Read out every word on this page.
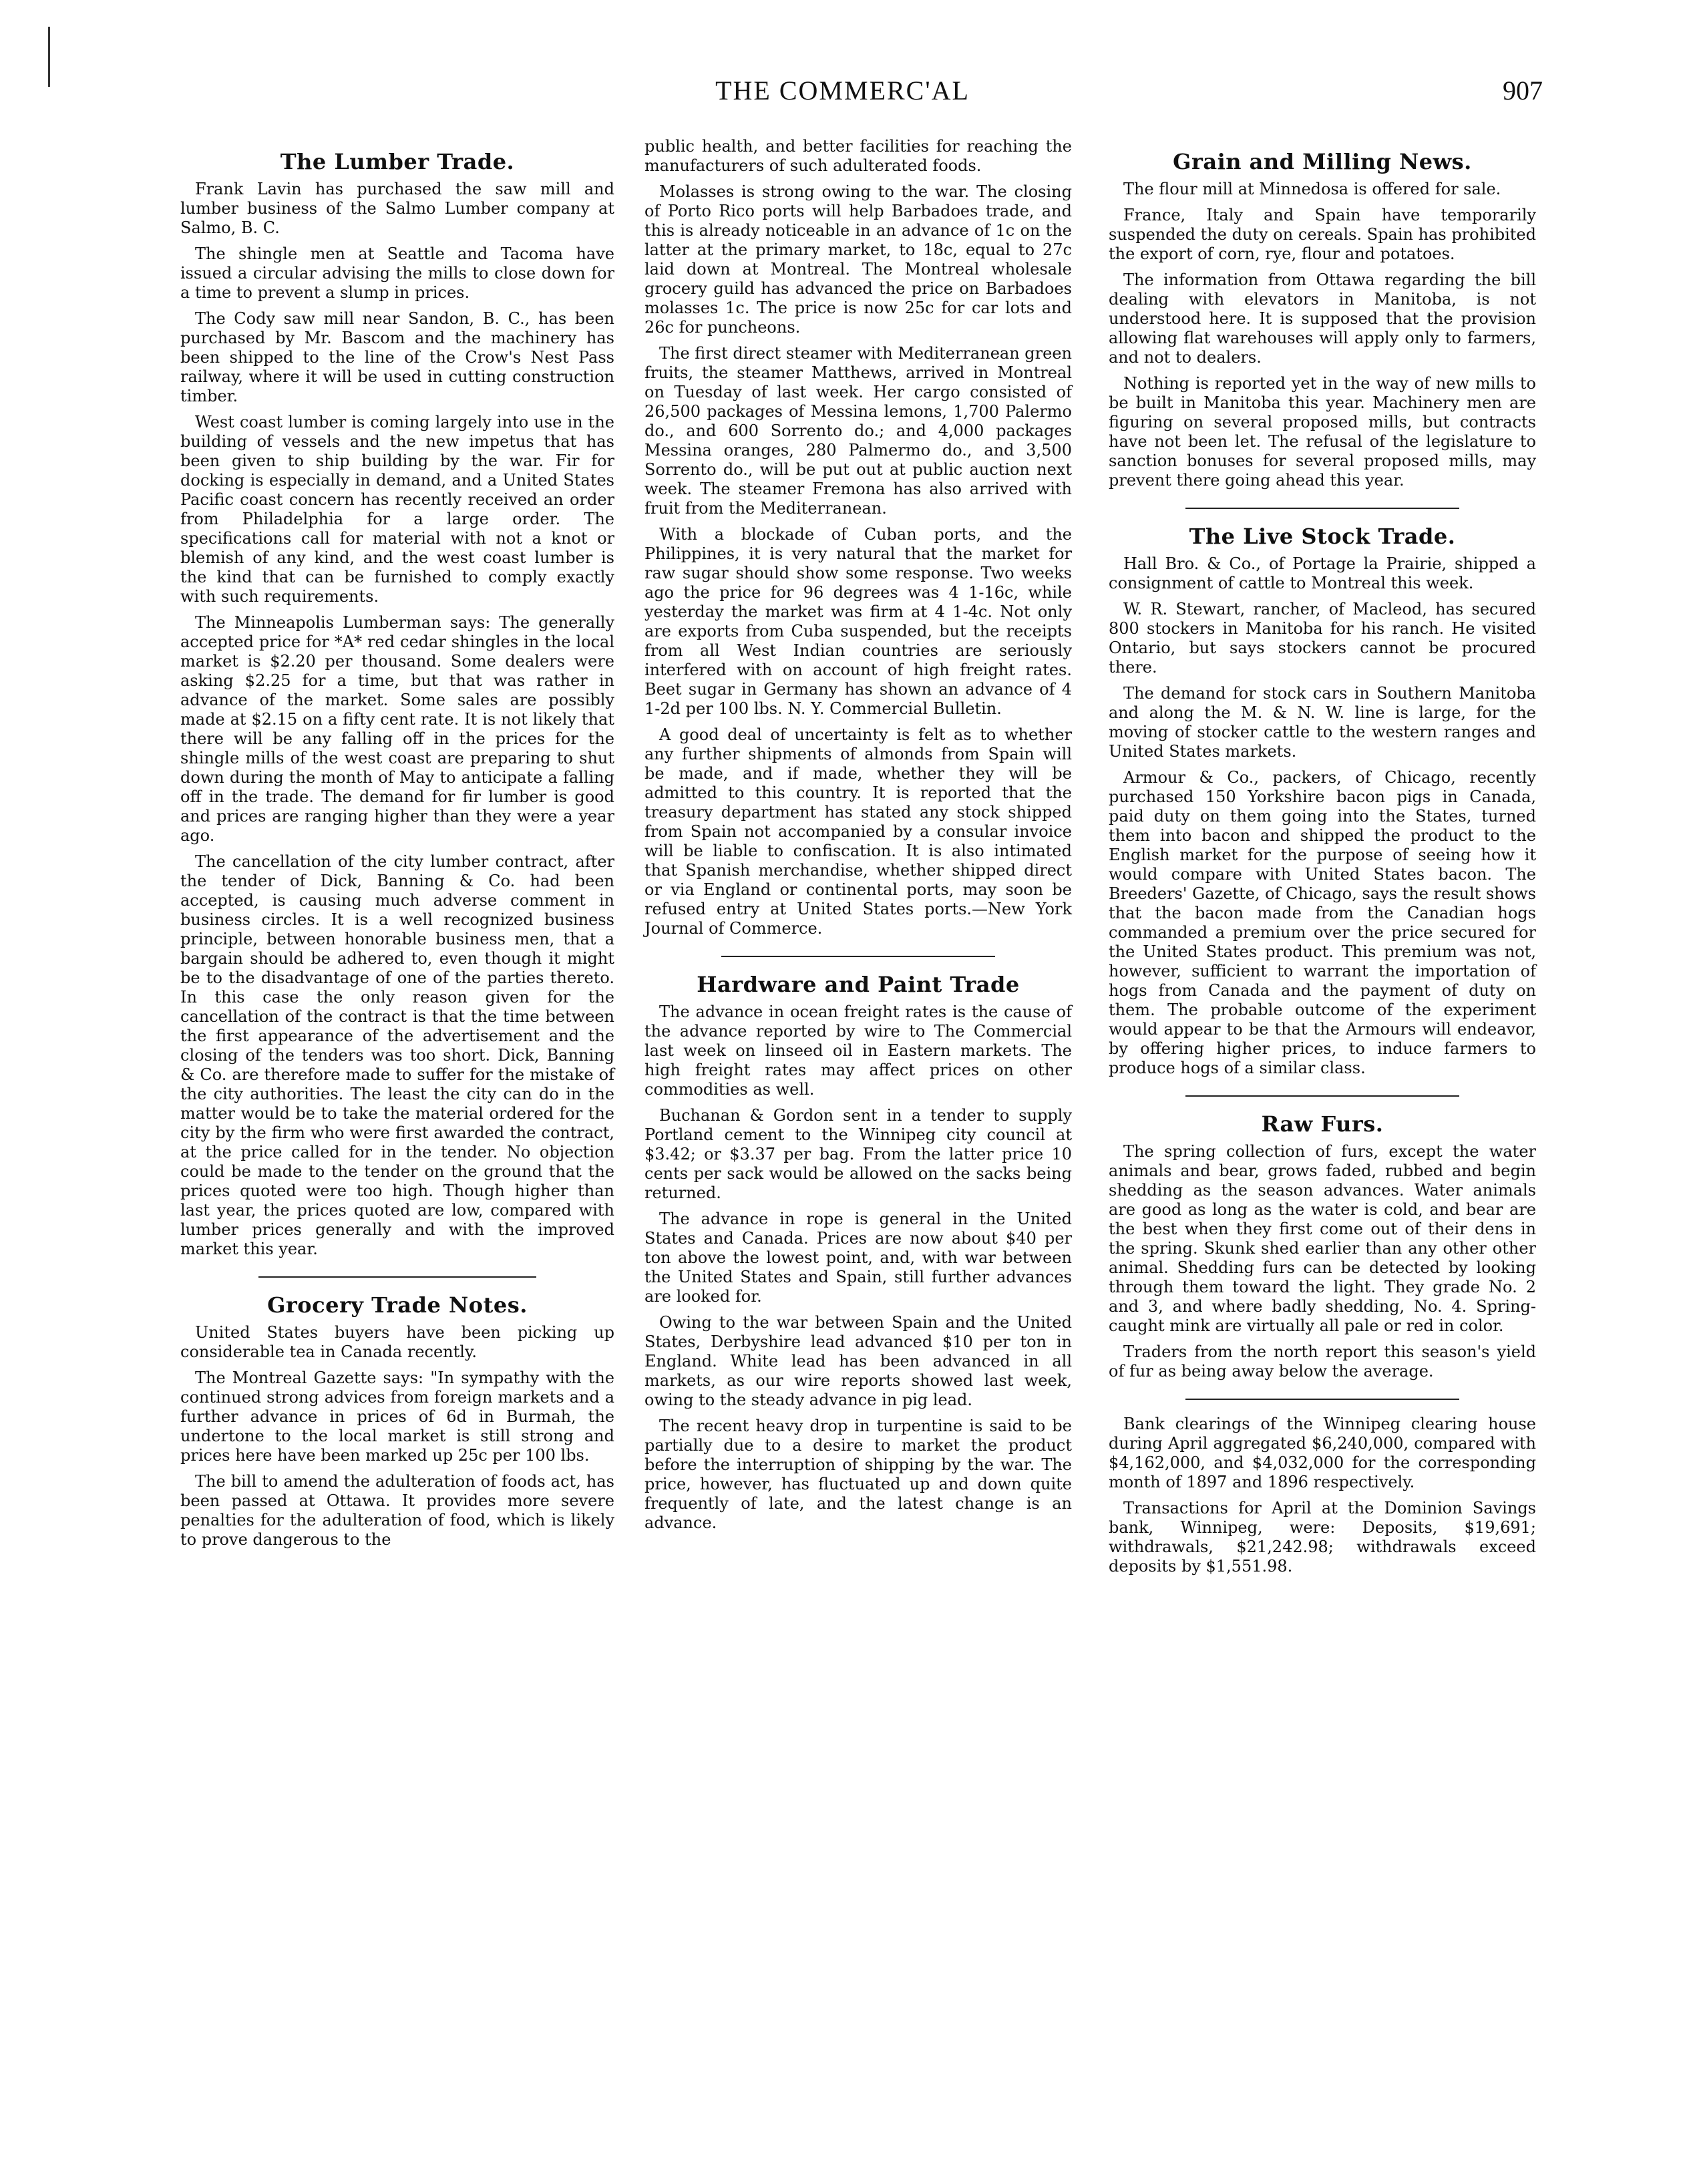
THE COMMERC'AL	907
The Lumber Trade.

Frank Lavin has purchased the saw mill and lumber business of the Salmo Lumber company at Salmo, B. C.

The shingle men at Seattle and Tacoma have issued a circular advising the mills to close down for a time to prevent a slump in prices.

The Cody saw mill near Sandon, B. C., has been purchased by Mr. Bascom and the machinery has been shipped to the line of the Crow's Nest Pass railway, where it will be used in cutting construction timber.

West coast lumber is coming largely into use in the building of vessels and the new impetus that has been given to ship building by the war. Fir for docking is especially in demand, and a United States Pacific coast concern has recently received an order from Philadelphia for a large order. The specifications call for material with not a knot or blemish of any kind, and the west coast lumber is the kind that can be furnished to comply exactly with such requirements.

The Minneapolis Lumberman says: The generally accepted price for *A* red cedar shingles in the local market is $2.20 per thousand. Some dealers were asking $2.25 for a time, but that was rather in advance of the market. Some sales are possibly made at $2.15 on a fifty cent rate. It is not likely that there will be any falling off in the prices for the shingle mills of the west coast are preparing to shut down during the month of May to anticipate a falling off in the trade. The demand for fir lumber is good and prices are ranging higher than they were a year ago.

The cancellation of the city lumber contract, after the tender of Dick, Banning & Co. had been accepted, is causing much adverse comment in business circles. It is a well recognized business principle, between honorable business men, that a bargain should be adhered to, even though it might be to the disadvantage of one of the parties thereto. In this case the only reason given for the cancellation of the contract is that the time between the first appearance of the advertisement and the closing of the tenders was too short. Dick, Banning & Co. are therefore made to suffer for the mistake of the city authorities. The least the city can do in the matter would be to take the material ordered for the city by the firm who were first awarded the contract, at the price called for in the tender. No objection could be made to the tender on the ground that the prices quoted were too high. Though higher than last year, the prices quoted are low, compared with lumber prices generally and with the improved market this year.

Grocery Trade Notes.

United States buyers have been picking up considerable tea in Canada recently.

The Montreal Gazette says: "In sympathy with the continued strong advices from foreign markets and a further advance in prices of 6d in Burmah, the undertone to the local market is still strong and prices here have been marked up 25c per 100 lbs.

The bill to amend the adulteration of foods act, has been passed at Ottawa. It provides more severe penalties for the adulteration of food, which is likely to prove dangerous to the

public health, and better facilities for reaching the manufacturers of such adulterated foods.

Molasses is strong owing to the war. The closing of Porto Rico ports will help Barbadoes trade, and this is already noticeable in an advance of 1c on the latter at the primary market, to 18c, equal to 27c laid down at Montreal. The Montreal wholesale grocery guild has advanced the price on Barbadoes molasses 1c. The price is now 25c for car lots and 26c for puncheons.

The first direct steamer with Mediterranean green fruits, the steamer Matthews, arrived in Montreal on Tuesday of last week. Her cargo consisted of 26,500 packages of Messina lemons, 1,700 Palermo do., and 600 Sorrento do.; and 4,000 packages Messina oranges, 280 Palmermo do., and 3,500 Sorrento do., will be put out at public auction next week. The steamer Fremona has also arrived with fruit from the Mediterranean.

With a blockade of Cuban ports, and the Philippines, it is very natural that the market for raw sugar should show some response. Two weeks ago the price for 96 degrees was 4 1-16c, while yesterday the market was firm at 4 1-4c. Not only are exports from Cuba suspended, but the receipts from all West Indian countries are seriously interfered with on account of high freight rates. Beet sugar in Germany has shown an advance of 4 1-2d per 100 lbs. N. Y. Commercial Bulletin.

A good deal of uncertainty is felt as to whether any further shipments of almonds from Spain will be made, and if made, whether they will be admitted to this country. It is reported that the treasury department has stated any stock shipped from Spain not accompanied by a consular invoice will be liable to confiscation. It is also intimated that Spanish merchandise, whether shipped direct or via England or continental ports, may soon be refused entry at United States ports.—New York Journal of Commerce.

Hardware and Paint Trade

The advance in ocean freight rates is the cause of the advance reported by wire to The Commercial last week on linseed oil in Eastern markets. The high freight rates may affect prices on other commodities as well.

Buchanan & Gordon sent in a tender to supply Portland cement to the Winnipeg city council at $3.42; or $3.37 per bag. From the latter price 10 cents per sack would be allowed on the sacks being returned.

The advance in rope is general in the United States and Canada. Prices are now about $40 per ton above the lowest point, and, with war between the United States and Spain, still further advances are looked for.

Owing to the war between Spain and the United States, Derbyshire lead advanced $10 per ton in England. White lead has been advanced in all markets, as our wire reports showed last week, owing to the steady advance in pig lead.

The recent heavy drop in turpentine is said to be partially due to a desire to market the product before the interruption of shipping by the war. The price, however, has fluctuated up and down quite frequently of late, and the latest change is an advance.

Grain and Milling News.

The flour mill at Minnedosa is offered for sale.

France, Italy and Spain have temporarily suspended the duty on cereals. Spain has prohibited the export of corn, rye, flour and potatoes.

The information from Ottawa regarding the bill dealing with elevators in Manitoba, is not understood here. It is supposed that the provision allowing flat warehouses will apply only to farmers, and not to dealers.

Nothing is reported yet in the way of new mills to be built in Manitoba this year. Machinery men are figuring on several proposed mills, but contracts have not been let. The refusal of the legislature to sanction bonuses for several proposed mills, may prevent there going ahead this year.

The Live Stock Trade.

Hall Bro. & Co., of Portage la Prairie, shipped a consignment of cattle to Montreal this week.

W. R. Stewart, rancher, of Macleod, has secured 800 stockers in Manitoba for his ranch. He visited Ontario, but says stockers cannot be procured there.

The demand for stock cars in Southern Manitoba and along the M. & N. W. line is large, for the moving of stocker cattle to the western ranges and United States markets.

Armour & Co., packers, of Chicago, recently purchased 150 Yorkshire bacon pigs in Canada, paid duty on them going into the States, turned them into bacon and shipped the product to the English market for the purpose of seeing how it would compare with United States bacon. The Breeders' Gazette, of Chicago, says the result shows that the bacon made from the Canadian hogs commanded a premium over the price secured for the United States product. This premium was not, however, sufficient to warrant the importation of hogs from Canada and the payment of duty on them. The probable outcome of the experiment would appear to be that the Armours will endeavor, by offering higher prices, to induce farmers to produce hogs of a similar class.

Raw Furs.

The spring collection of furs, except the water animals and bear, grows faded, rubbed and begin shedding as the season advances. Water animals are good as long as the water is cold, and bear are the best when they first come out of their dens in the spring. Skunk shed earlier than any other other animal. Shedding furs can be detected by looking through them toward the light. They grade No. 2 and 3, and where badly shedding, No. 4. Spring-caught mink are virtually all pale or red in color.

Traders from the north report this season's yield of fur as being away below the average.

Bank clearings of the Winnipeg clearing house during April aggregated $6,240,000, compared with $4,162,000, and $4,032,000 for the corresponding month of 1897 and 1896 respectively.

Transactions for April at the Dominion Savings bank, Winnipeg, were: Deposits, $19,691; withdrawals, $21,242.98; withdrawals exceed deposits by $1,551.98.
